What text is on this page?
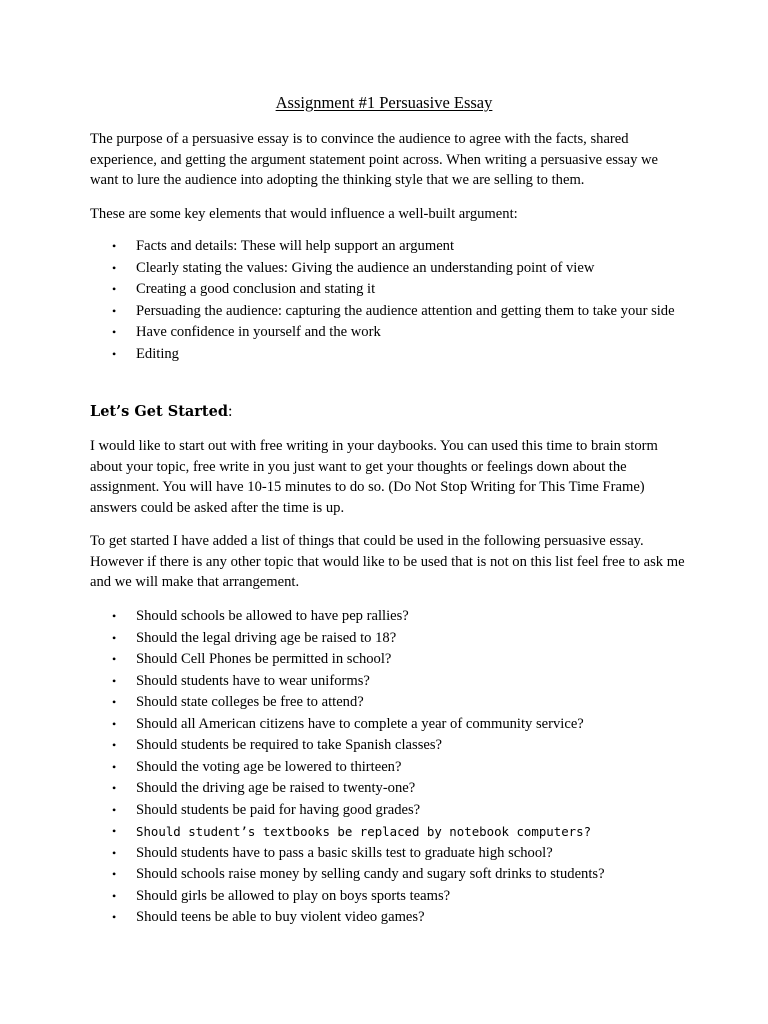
Assignment #1 Persuasive Essay

The purpose of a persuasive essay is to convince the audience to agree with the facts, shared experience, and getting the argument statement point across. When writing a persuasive essay we want to lure the audience into adopting the thinking style that we are selling to them.

These are some key elements that would influence a well-built argument:

• Facts and details: These will help support an argument
• Clearly stating the values: Giving the audience an understanding point of view
• Creating a good conclusion and stating it
• Persuading the audience: capturing the audience attention and getting them to take your side
• Have confidence in yourself and the work
• Editing
Let’s Get Started:

I would like to start out with free writing in your daybooks. You can used this time to brain storm about your topic, free write in you just want to get your thoughts or feelings down about the assignment. You will have 10-15 minutes to do so. (Do Not Stop Writing for This Time Frame) answers could be asked after the time is up.

To get started I have added a list of things that could be used in the following persuasive essay. However if there is any other topic that would like to be used that is not on this list feel free to ask me and we will make that arrangement.

• Should schools be allowed to have pep rallies?
• Should the legal driving age be raised to 18?
• Should Cell Phones be permitted in school?
• Should students have to wear uniforms?
• Should state colleges be free to attend?
• Should all American citizens have to complete a year of community service?
• Should students be required to take Spanish classes?
• Should the voting age be lowered to thirteen?
• Should the driving age be raised to twenty-one?
• Should students be paid for having good grades?
• Should student’s textbooks be replaced by notebook computers?
• Should students have to pass a basic skills test to graduate high school?
• Should schools raise money by selling candy and sugary soft drinks to students?
• Should girls be allowed to play on boys sports teams?
• Should teens be able to buy violent video games?
